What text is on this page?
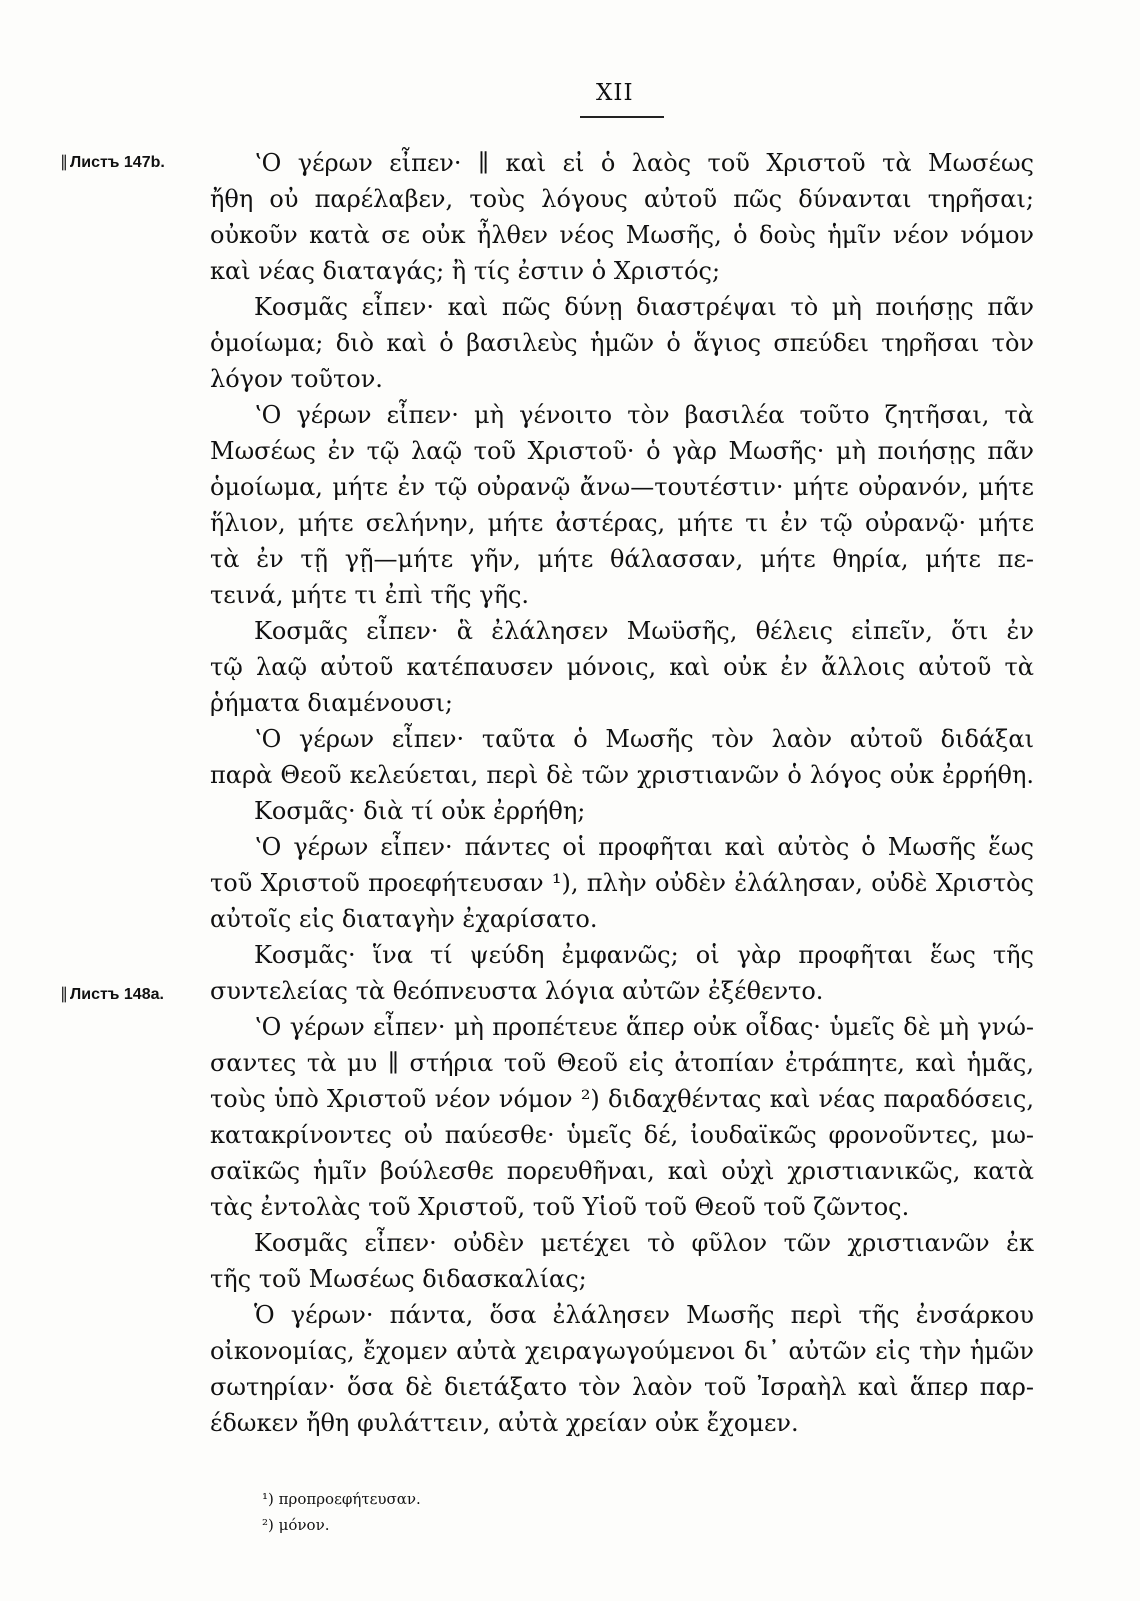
XII
∥ Лиcтъ 147b.
∥ Лиcтъ 148a.
ʽΟ γέρων εἶπεν· ∥ καὶ εἰ ὁ λαὸς τοῦ Χριστοῦ τὰ Μωσέως
ἤθη οὐ παρέλαβεν, τοὺς λόγους αὐτοῦ πῶς δύνανται τηρῆσαι;
οὐκοῦν κατὰ σε οὐκ ἦλθεν νέος Μωσῆς, ὁ δοὺς ἡμῖν νέον νόμον
καὶ νέας διαταγάς; ἢ τίς ἐστιν ὁ Χριστός;
Κοσμᾶς εἶπεν· καὶ πῶς δύνῃ διαστρέψαι τὸ μὴ ποιήσῃς πᾶν
ὁμοίωμα; διὸ καὶ ὁ βασιλεὺς ἡμῶν ὁ ἅγιος σπεύδει τηρῆσαι τὸν
λόγον τοῦτον.
ʽΟ γέρων εἶπεν· μὴ γένοιτο τὸν βασιλέα τοῦτο ζητῆσαι, τὰ
Μωσέως ἐν τῷ λαῷ τοῦ Χριστοῦ· ὁ γὰρ Μωσῆς· μὴ ποιήσῃς πᾶν
ὁμοίωμα, μήτε ἐν τῷ οὐρανῷ ἄνω—τουτέστιν· μήτε οὐρανόν, μήτε
ἥλιον, μήτε σελήνην, μήτε ἀστέρας, μήτε τι ἐν τῷ οὐρανῷ· μήτε
τὰ ἐν τῇ γῇ—μήτε γῆν, μήτε θάλασσαν, μήτε θηρία, μήτε πε-
τεινά, μήτε τι ἐπὶ τῆς γῆς.
Κοσμᾶς εἶπεν· ἃ ἐλάλησεν Μωϋσῆς, θέλεις εἰπεῖν, ὅτι ἐν
τῷ λαῷ αὐτοῦ κατέπαυσεν μόνοις, καὶ οὐκ ἐν ἄλλοις αὐτοῦ τὰ
ῥήματα διαμένουσι;
ʽΟ γέρων εἶπεν· ταῦτα ὁ Μωσῆς τὸν λαὸν αὐτοῦ διδάξαι
παρὰ Θεοῦ κελεύεται, περὶ δὲ τῶν χριστιανῶν ὁ λόγος οὐκ ἐρρήθη.
Κοσμᾶς· διὰ τί οὐκ ἐρρήθη;
ʽΟ γέρων εἶπεν· πάντες οἱ προφῆται καὶ αὐτὸς ὁ Μωσῆς ἕως
τοῦ Χριστοῦ προεφήτευσαν ¹), πλὴν οὐδὲν ἐλάλησαν, οὐδὲ Χριστὸς
αὐτοῖς εἰς διαταγὴν ἐχαρίσατο.
Κοσμᾶς· ἵνα τί ψεύδη ἐμφανῶς; οἱ γὰρ προφῆται ἕως τῆς
συντελείας τὰ θεόπνευστα λόγια αὐτῶν ἐξέθεντο.
ʽΟ γέρων εἶπεν· μὴ προπέτευε ἅπερ οὐκ οἶδας· ὑμεῖς δὲ μὴ γνώ-
σαντες τὰ μυ ∥ στήρια τοῦ Θεοῦ εἰς ἀτοπίαν ἐτράπητε, καὶ ἡμᾶς,
τοὺς ὑπὸ Χριστοῦ νέον νόμον ²) διδαχθέντας καὶ νέας παραδόσεις,
κατακρίνοντες οὐ παύεσθε· ὑμεῖς δέ, ἰουδαϊκῶς φρονοῦντες, μω-
σαϊκῶς ἡμῖν βούλεσθε πορευθῆναι, καὶ οὐχὶ χριστιανικῶς, κατὰ
τὰς ἐντολὰς τοῦ Χριστοῦ, τοῦ Υἱοῦ τοῦ Θεοῦ τοῦ ζῶντος.
Κοσμᾶς εἶπεν· οὐδὲν μετέχει τὸ φῦλον τῶν χριστιανῶν ἐκ
τῆς τοῦ Μωσέως διδασκαλίας;
Ὁ γέρων· πάντα, ὅσα ἐλάλησεν Μωσῆς περὶ τῆς ἐνσάρκου
οἰκονομίας, ἔχομεν αὐτὰ χειραγωγούμενοι δι᾽ αὐτῶν εἰς τὴν ἡμῶν
σωτηρίαν· ὅσα δὲ διετάξατο τὸν λαὸν τοῦ Ἰσραὴλ καὶ ἅπερ παρ-
έδωκεν ἤθη φυλάττειν, αὐτὰ χρείαν οὐκ ἔχομεν.
¹) προπροεφήτευσαν.
²) μόνον.
